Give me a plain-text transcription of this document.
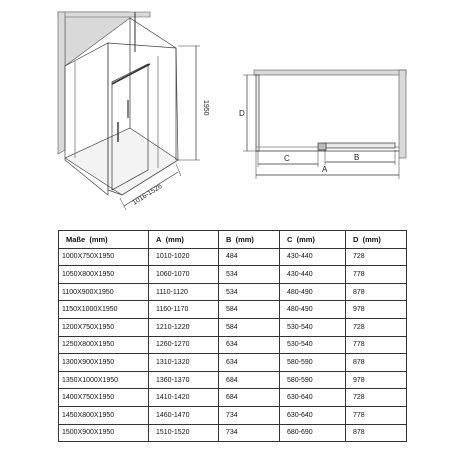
1950
1016-1526
D
C	B
A
Maße  (mm)	A  (mm)	B  (mm)	C  (mm)	D  (mm)
1000X750X1950	1010-1020	484	430-440	728
1050X800X1950	1060-1070	534	430-440	778
1100X900X1950	1110-1120	534	480-490	878
1150X1000X1950	1160-1170	584	480-490	978
1200X750X1950	1210-1220	584	530-540	728
1250X800X1950	1260-1270	634	530-540	778
1300X900X1950	1310-1320	634	580-590	878
1350X1000X1950	1360-1370	684	580-590	978
1400X750X1950	1410-1420	684	630-640	728
1450X800X1950	1460-1470	734	630-640	778
1500X900X1950	1510-1520	734	680-690	878
